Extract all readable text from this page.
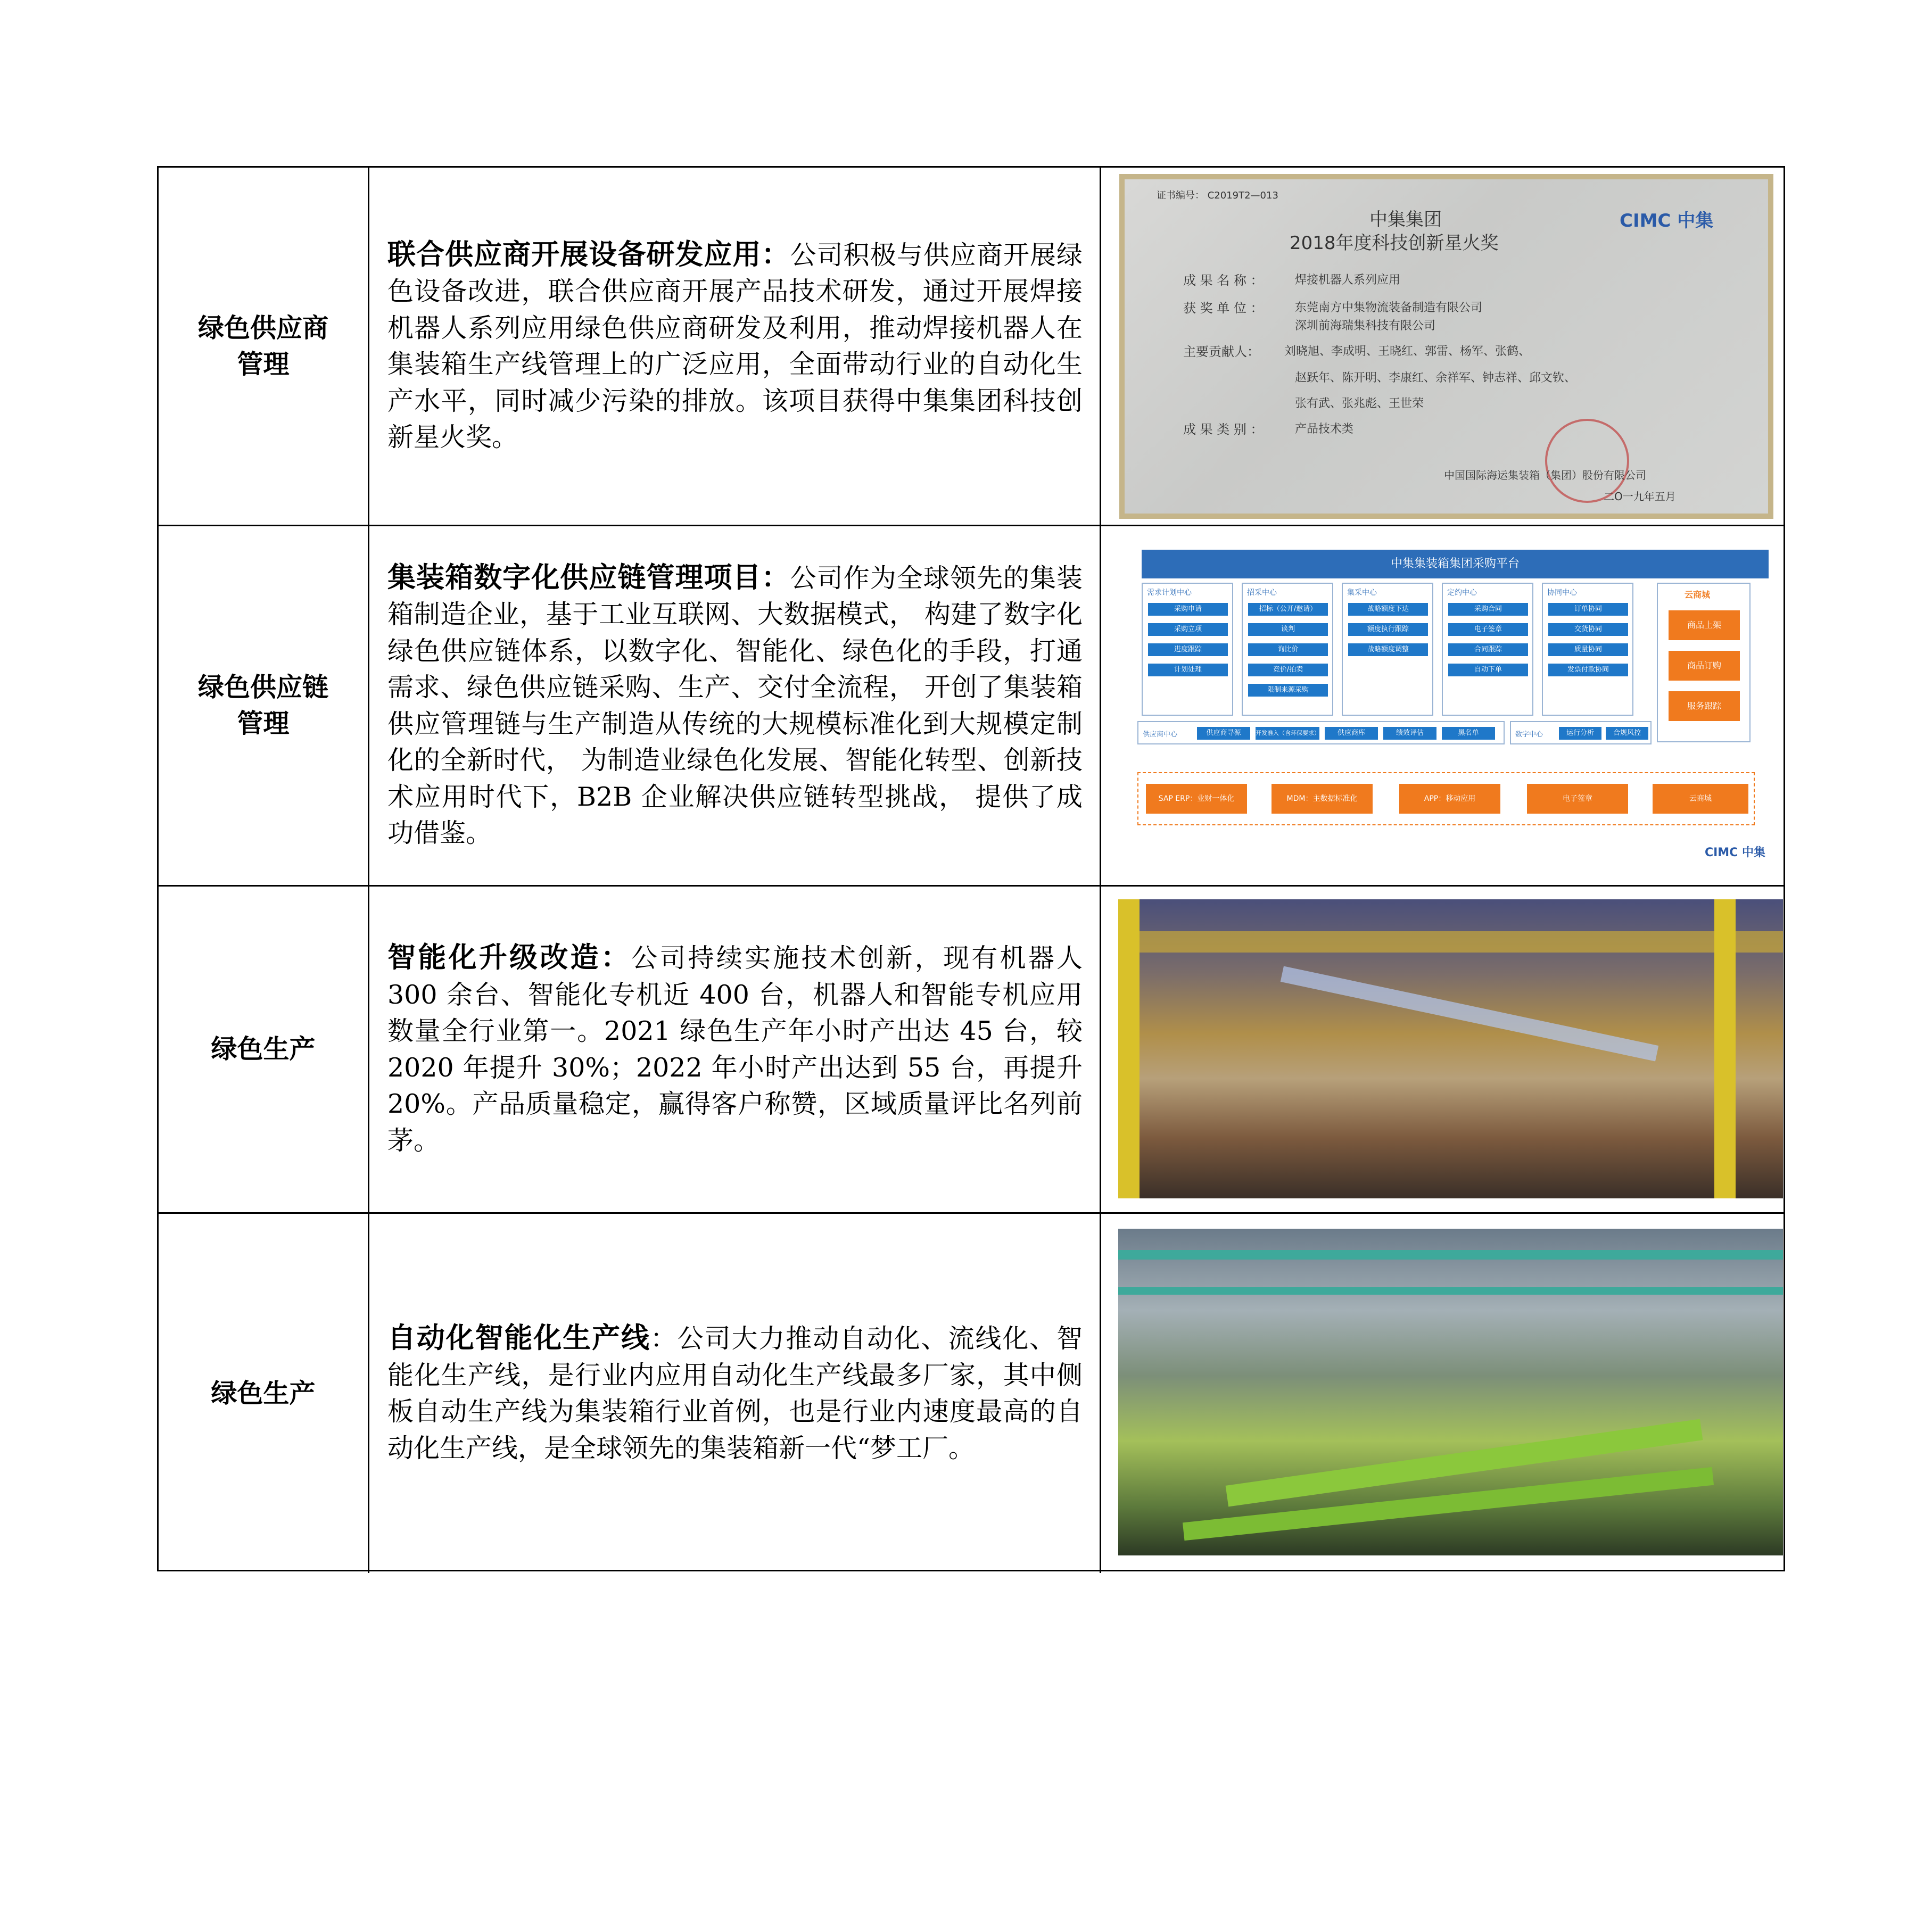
绿色供应商
管理

联合供应商开展设备研发应用：公司积极与供应商开展绿色设备改进，联合供应商开展产品技术研发，通过开展焊接机器人系列应用绿色供应商研发及利用，推动焊接机器人在集装箱生产线管理上的广泛应用，全面带动行业的自动化生产水平，同时减少污染的排放。该项目获得中集集团科技创新星火奖。

证书编号： C2019T2—013
中集集团	CIMC 中集
2018年度科技创新星火奖
成 果 名 称 ：	焊接机器人系列应用
获 奖 单 位 ：	东莞南方中集物流装备制造有限公司
深圳前海瑞集科技有限公司
主要贡献人： 刘晓旭、李成明、王晓红、郭雷、杨军、张鹤、
赵跃年、陈开明、李康红、余祥军、钟志祥、邱文钦、
张有武、张兆彪、王世荣
成 果 类 别 ：	产品技术类
中国国际海运集装箱（集团）股份有限公司
二O一九年五月
绿色供应链
管理

集装箱数字化供应链管理项目：公司作为全球领先的集装箱制造企业，基于工业互联网、大数据模式， 构建了数字化绿色供应链体系，以数字化、智能化、绿色化的手段，打通需求、绿色供应链采购、生产、交付全流程， 开创了集装箱供应管理链与生产制造从传统的大规模标准化到大规模定制化的全新时代， 为制造业绿色化发展、智能化转型、创新技术应用时代下，B2B 企业解决供应链转型挑战， 提供了成功借鉴。

中集集装箱集团采购平台
需求计划中心
采购申请
采购立项
进度跟踪
计划处理
招采中心
招标（公开/邀请）
谈判
询比价
竞价/拍卖
限制来源采购
集采中心
战略额度下达
额度执行跟踪
战略额度调整
定约中心
采购合同
电子签章
合同跟踪
自动下单
协同中心
订单协同
交货协同
质量协同
发票付款协同
云商城
商品上架
商品订购
服务跟踪
供应商中心	供应商寻源	开发准入（含环保要求）	供应商库	绩效评估	黑名单	数字中心	运行分析	合规风控
SAP ERP：业财一体化	MDM：主数据标准化	APP：移动应用	电子签章	云商城
CIMC 中集
绿色生产

智能化升级改造：公司持续实施技术创新，现有机器人 300 余台、智能化专机近 400 台，机器人和智能专机应用数量全行业第一。2021 绿色生产年小时产出达 45 台，较 2020 年提升 30%；2022 年小时产出达到 55 台，再提升 20%。产品质量稳定，赢得客户称赞，区域质量评比名列前茅。

绿色生产

自动化智能化生产线：公司大力推动自动化、流线化、智能化生产线，是行业内应用自动化生产线最多厂家，其中侧板自动生产线为集装箱行业首例，也是行业内速度最高的自动化生产线，是全球领先的集装箱新一代“梦工厂。
